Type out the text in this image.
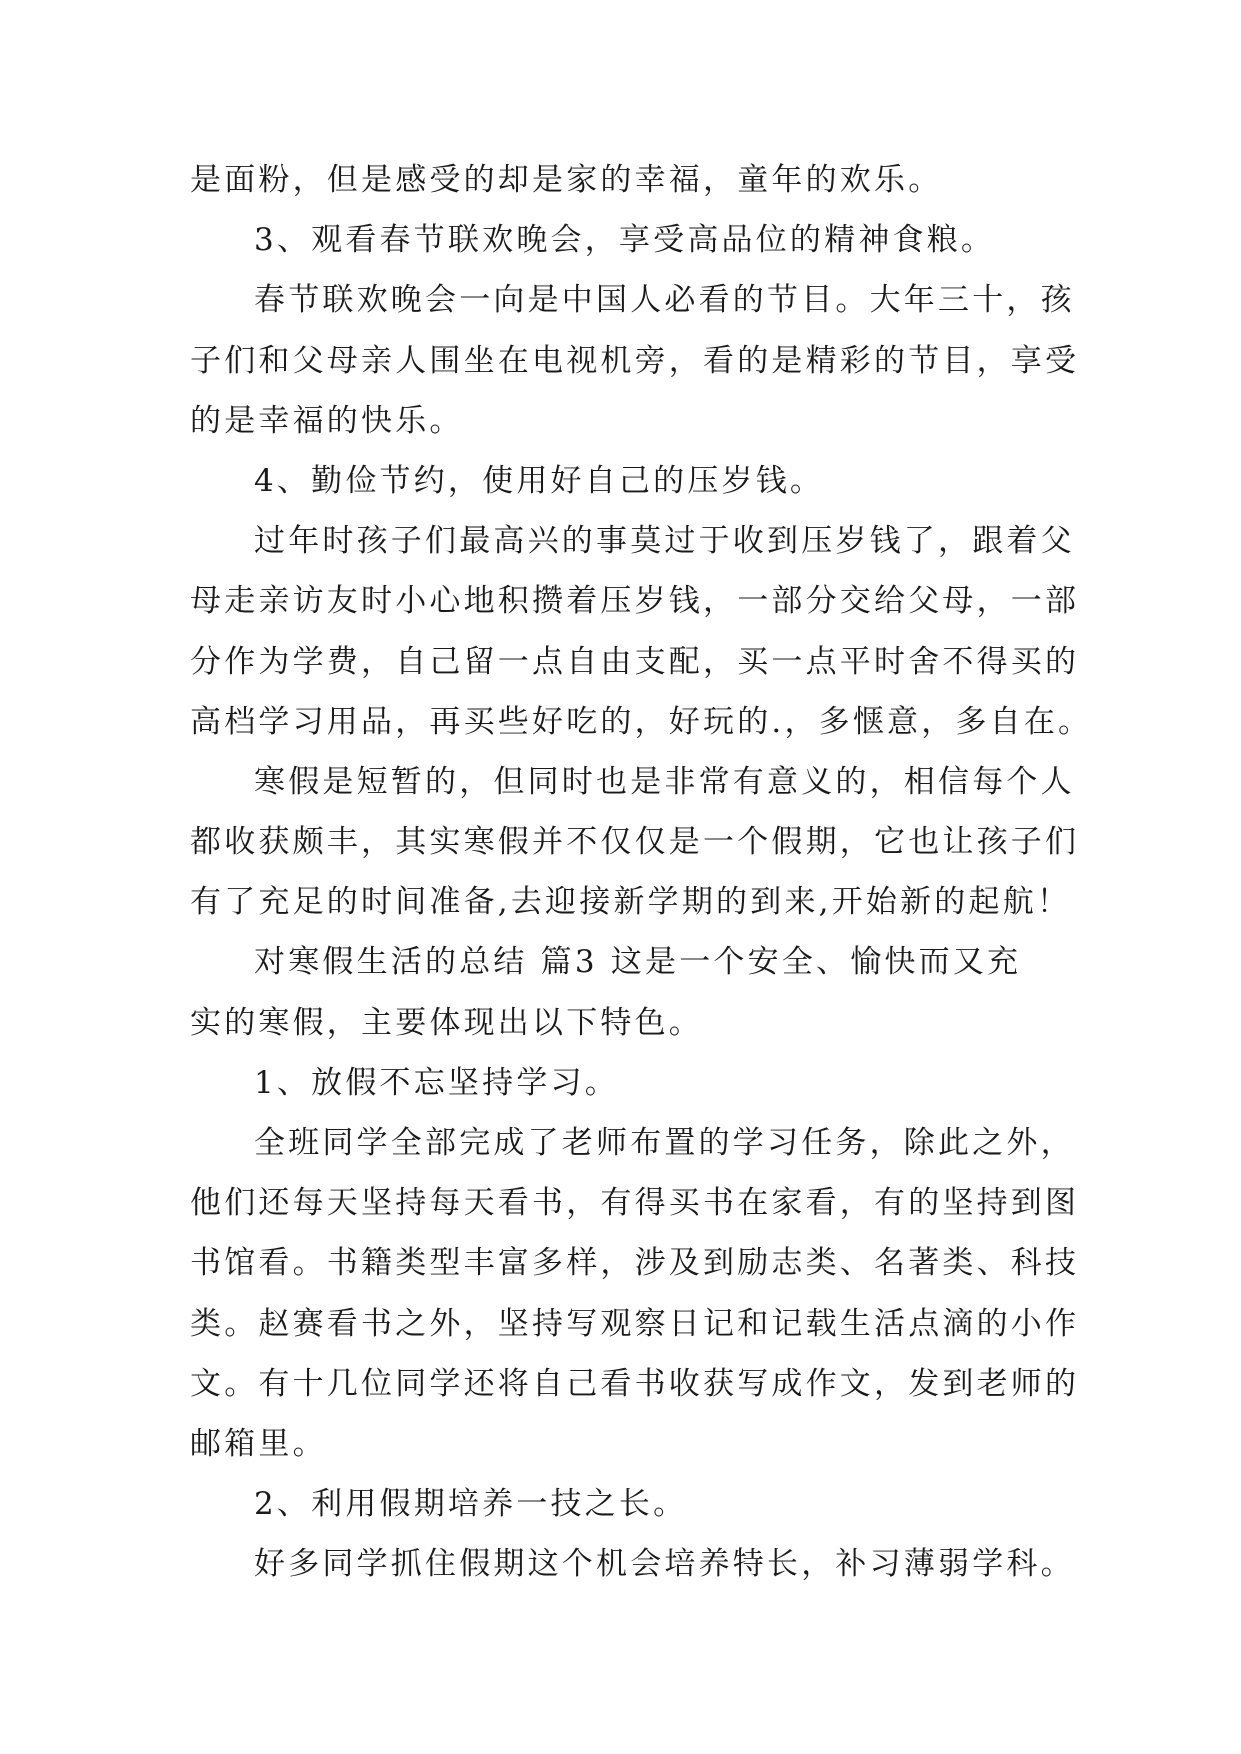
是面粉，但是感受的却是家的幸福，童年的欢乐。
3、观看春节联欢晚会，享受高品位的精神食粮。
春节联欢晚会一向是中国人必看的节目。大年三十，孩
子们和父母亲人围坐在电视机旁，看的是精彩的节目，享受
的是幸福的快乐。
4、勤俭节约，使用好自己的压岁钱。
过年时孩子们最高兴的事莫过于收到压岁钱了，跟着父
母走亲访友时小心地积攒着压岁钱，一部分交给父母，一部
分作为学费，自己留一点自由支配，买一点平时舍不得买的
高档学习用品，再买些好吃的，好玩的.，多惬意，多自在。
寒假是短暂的，但同时也是非常有意义的，相信每个人
都收获颇丰，其实寒假并不仅仅是一个假期，它也让孩子们
有了充足的时间准备,去迎接新学期的到来,开始新的起航！
对寒假生活的总结 篇3 这是一个安全、愉快而又充
实的寒假，主要体现出以下特色。
1、放假不忘坚持学习。
全班同学全部完成了老师布置的学习任务，除此之外，
他们还每天坚持每天看书，有得买书在家看，有的坚持到图
书馆看。书籍类型丰富多样，涉及到励志类、名著类、科技
类。赵赛看书之外，坚持写观察日记和记载生活点滴的小作
文。有十几位同学还将自己看书收获写成作文，发到老师的
邮箱里。
2、利用假期培养一技之长。
好多同学抓住假期这个机会培养特长，补习薄弱学科。
